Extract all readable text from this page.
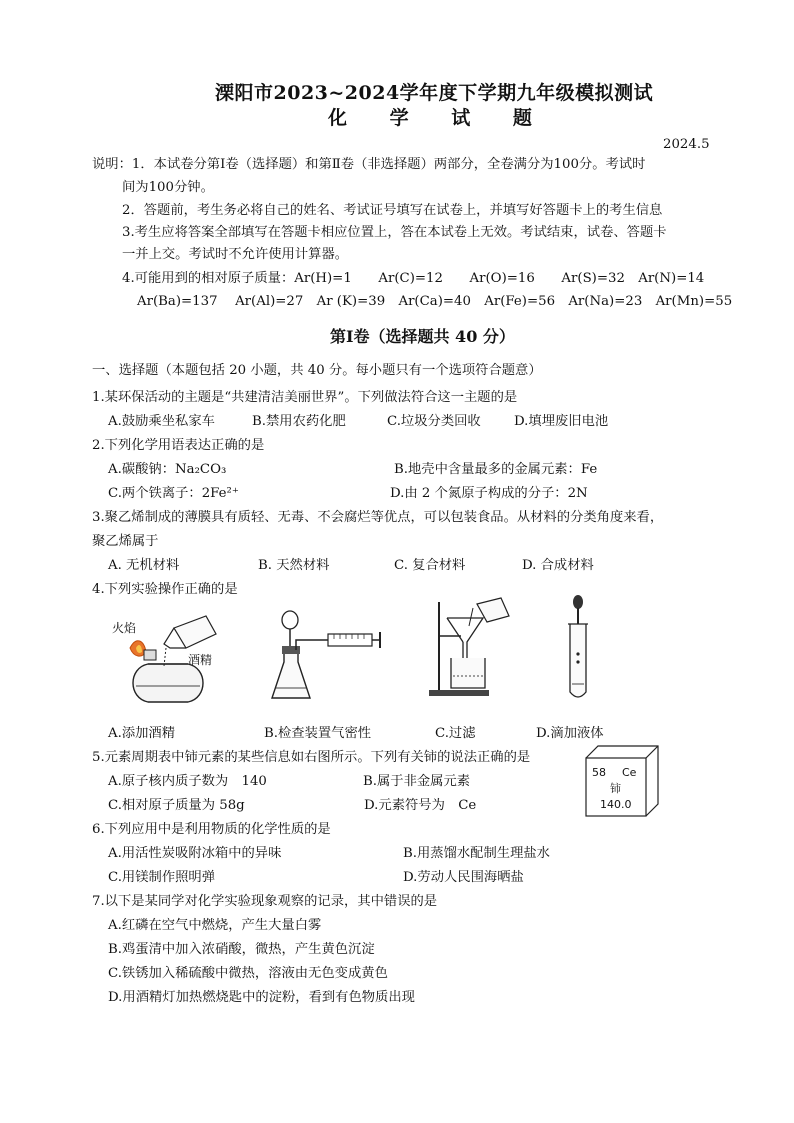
溧阳市2023~2024学年度下学期九年级模拟测试
化 学 试 题
2024.5
说明：1．本试卷分第Ⅰ卷（选择题）和第Ⅱ卷（非选择题）两部分，全卷满分为100分。考试时
间为100分钟。
2．答题前，考生务必将自己的姓名、考试证号填写在试卷上，并填写好答题卡上的考生信息
3.考生应将答案全部填写在答题卡相应位置上，答在本试卷上无效。考试结束，试卷、答题卡
一并上交。考试时不允许使用计算器。
4.可能用到的相对原子质量：Ar(H)=1　　Ar(C)=12　　Ar(O)=16　　Ar(S)=32　Ar(N)=14
Ar(Ba)=137　 Ar(Al)=27　Ar (K)=39　Ar(Ca)=40　Ar(Fe)=56　Ar(Na)=23　Ar(Mn)=55
第Ⅰ卷（选择题共 40 分）
一、选择题（本题包括 20 小题，共 40 分。每小题只有一个选项符合题意）
1.某环保活动的主题是“共建清洁美丽世界”。下列做法符合这一主题的是
A.鼓励乘坐私家车	B.禁用农药化肥	C.垃圾分类回收	D.填埋废旧电池
2.下列化学用语表达正确的是
A.碳酸钠：Na₂CO₃	B.地壳中含量最多的金属元素：Fe
C.两个铁离子：2Fe²⁺	D.由 2 个氮原子构成的分子：2N
3.聚乙烯制成的薄膜具有质轻、无毒、不会腐烂等优点，可以包装食品。从材料的分类角度来看，
聚乙烯属于
A. 无机材料	B. 天然材料	C. 复合材料	D. 合成材料
4.下列实验操作正确的是
火焰
酒精
A.添加酒精	B.检查装置气密性	C.过滤	D.滴加液体
5.元素周期表中铈元素的某些信息如右图所示。下列有关铈的说法正确的是
A.原子核内质子数为　140	B.属于非金属元素
C.相对原子质量为 58g	D.元素符号为　Ce
58 Ce
铈
140.0
6.下列应用中是利用物质的化学性质的是
A.用活性炭吸附冰箱中的异味	B.用蒸馏水配制生理盐水
C.用镁制作照明弹	D.劳动人民围海晒盐
7.以下是某同学对化学实验现象观察的记录，其中错误的是
A.红磷在空气中燃烧，产生大量白雾
B.鸡蛋清中加入浓硝酸，微热，产生黄色沉淀
C.铁锈加入稀硫酸中微热，溶液由无色变成黄色
D.用酒精灯加热燃烧匙中的淀粉，看到有色物质出现
